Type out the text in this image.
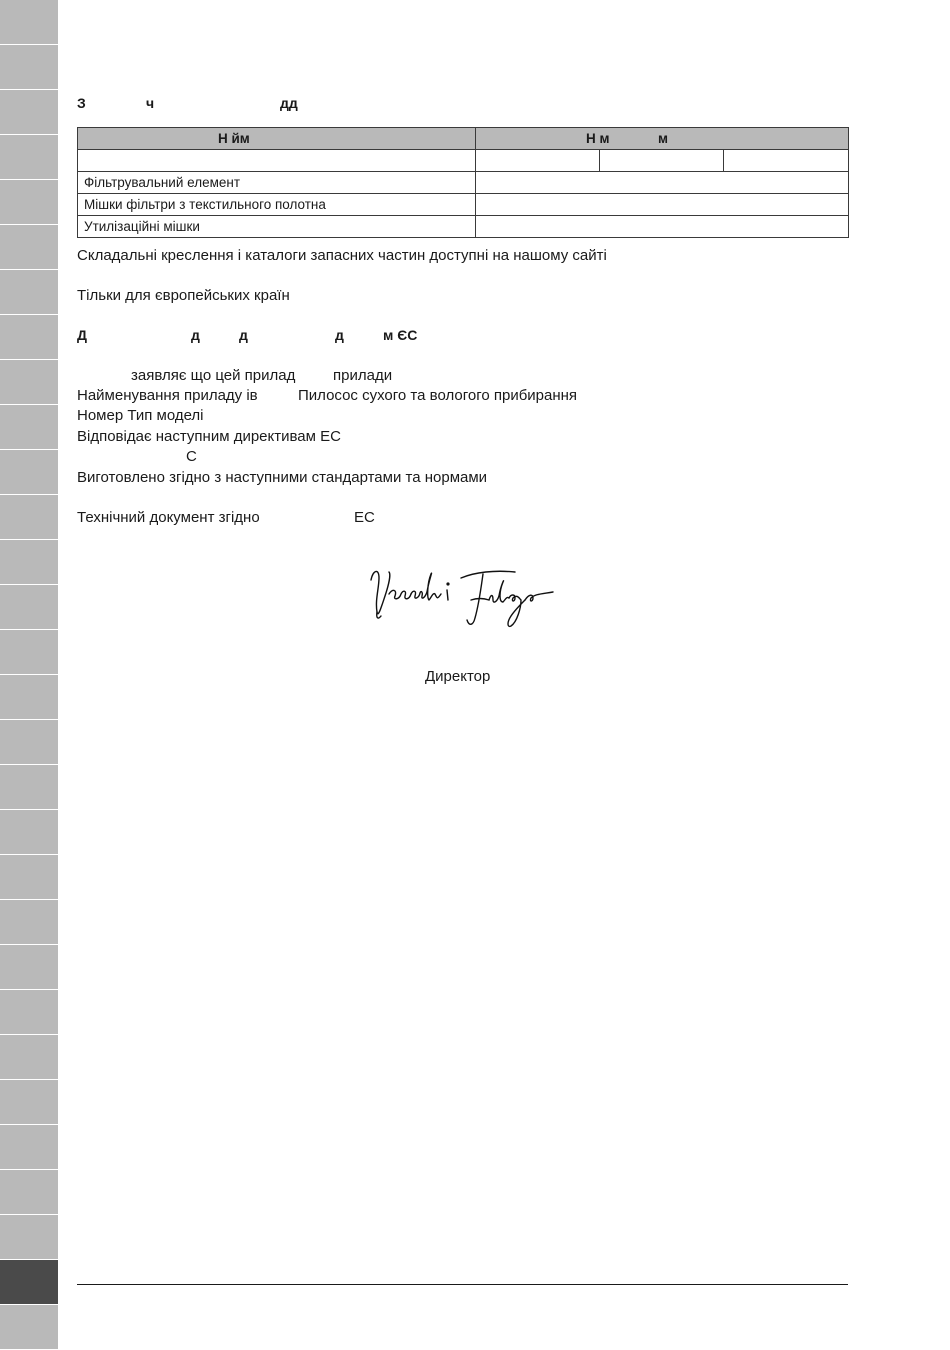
З	ч	дд
Н йм	Н м м		

Фільтрувальний елемент			
Мішки фільтри з текстильного полотна			
Утилізаційні мішки			
Складальні креслення і каталоги запасних частин доступні на нашому сайті
Тільки для європейських країн
Д	д	д	д	м ЄС
заявляє що цей прилад	прилади
Найменування приладу ів	Пилосос сухого та вологого прибирання
Номер Тип моделі
Відповідає наступним директивам ЕС
С
Виготовлено згідно з наступними стандартами та нормами
Технічний документ згідно	ЕС
Директор
